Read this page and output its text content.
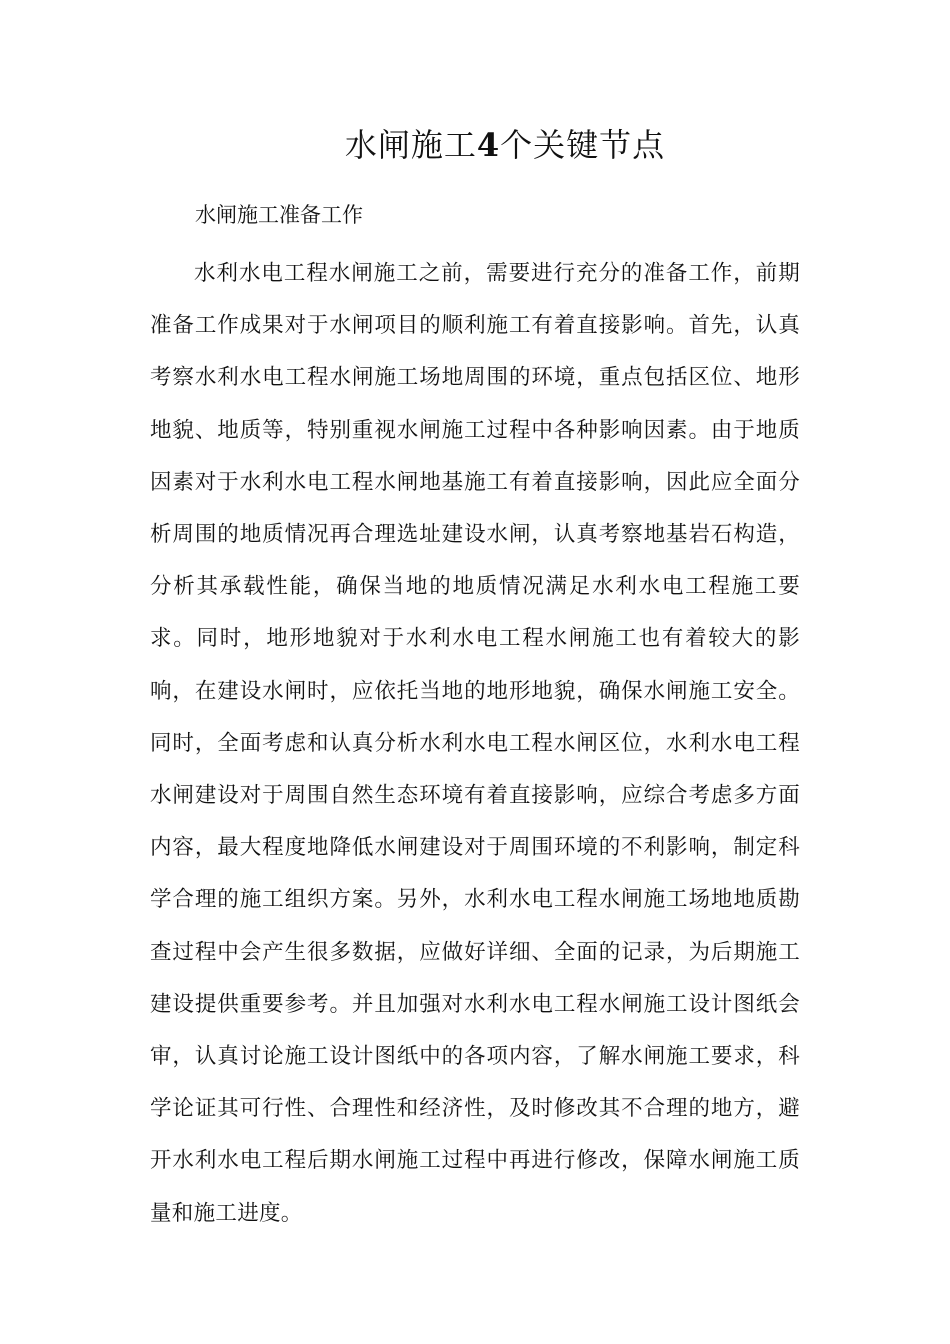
水闸施工4个关键节点
水闸施工准备工作

水利水电工程水闸施工之前，需要进行充分的准备工作，前期准备工作成果对于水闸项目的顺利施工有着直接影响。首先，认真考察水利水电工程水闸施工场地周围的环境，重点包括区位、地形地貌、地质等，特别重视水闸施工过程中各种影响因素。由于地质因素对于水利水电工程水闸地基施工有着直接影响，因此应全面分析周围的地质情况再合理选址建设水闸，认真考察地基岩石构造，分析其承载性能，确保当地的地质情况满足水利水电工程施工要求。同时，地形地貌对于水利水电工程水闸施工也有着较大的影响，在建设水闸时，应依托当地的地形地貌，确保水闸施工安全。同时，全面考虑和认真分析水利水电工程水闸区位，水利水电工程水闸建设对于周围自然生态环境有着直接影响，应综合考虑多方面内容，最大程度地降低水闸建设对于周围环境的不利影响，制定科学合理的施工组织方案。另外，水利水电工程水闸施工场地地质勘查过程中会产生很多数据，应做好详细、全面的记录，为后期施工建设提供重要参考。并且加强对水利水电工程水闸施工设计图纸会审，认真讨论施工设计图纸中的各项内容，了解水闸施工要求，科学论证其可行性、合理性和经济性，及时修改其不合理的地方，避开水利水电工程后期水闸施工过程中再进行修改，保障水闸施工质量和施工进度。
